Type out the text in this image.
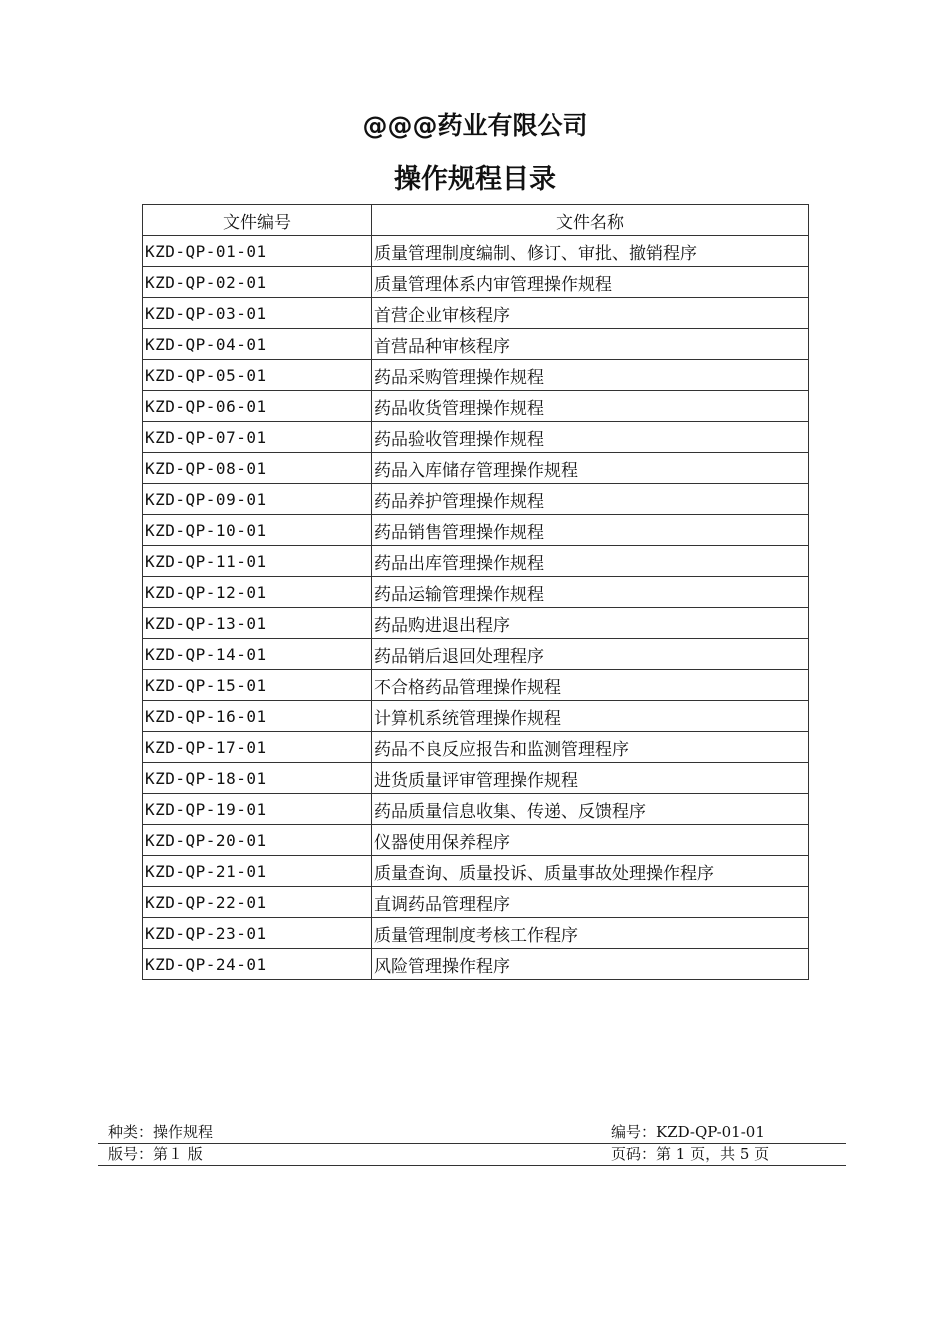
@@@药业有限公司
操作规程目录
文件编号	文件名称
KZD-QP-01-01	质量管理制度编制、修订、审批、撤销程序
KZD-QP-02-01	质量管理体系内审管理操作规程
KZD-QP-03-01	首营企业审核程序
KZD-QP-04-01	首营品种审核程序
KZD-QP-05-01	药品采购管理操作规程
KZD-QP-06-01	药品收货管理操作规程
KZD-QP-07-01	药品验收管理操作规程
KZD-QP-08-01	药品入库储存管理操作规程
KZD-QP-09-01	药品养护管理操作规程
KZD-QP-10-01	药品销售管理操作规程
KZD-QP-11-01	药品出库管理操作规程
KZD-QP-12-01	药品运输管理操作规程
KZD-QP-13-01	药品购进退出程序
KZD-QP-14-01	药品销后退回处理程序
KZD-QP-15-01	不合格药品管理操作规程
KZD-QP-16-01	计算机系统管理操作规程
KZD-QP-17-01	药品不良反应报告和监测管理程序
KZD-QP-18-01	进货质量评审管理操作规程
KZD-QP-19-01	药品质量信息收集、传递、反馈程序
KZD-QP-20-01	仪器使用保养程序
KZD-QP-21-01	质量查询、质量投诉、质量事故处理操作程序
KZD-QP-22-01	直调药品管理程序
KZD-QP-23-01	质量管理制度考核工作程序
KZD-QP-24-01	风险管理操作程序
种类：操作规程	编号：KZD-QP-01-01
版号：第１ 版	页码：第 1 页，共 5 页
